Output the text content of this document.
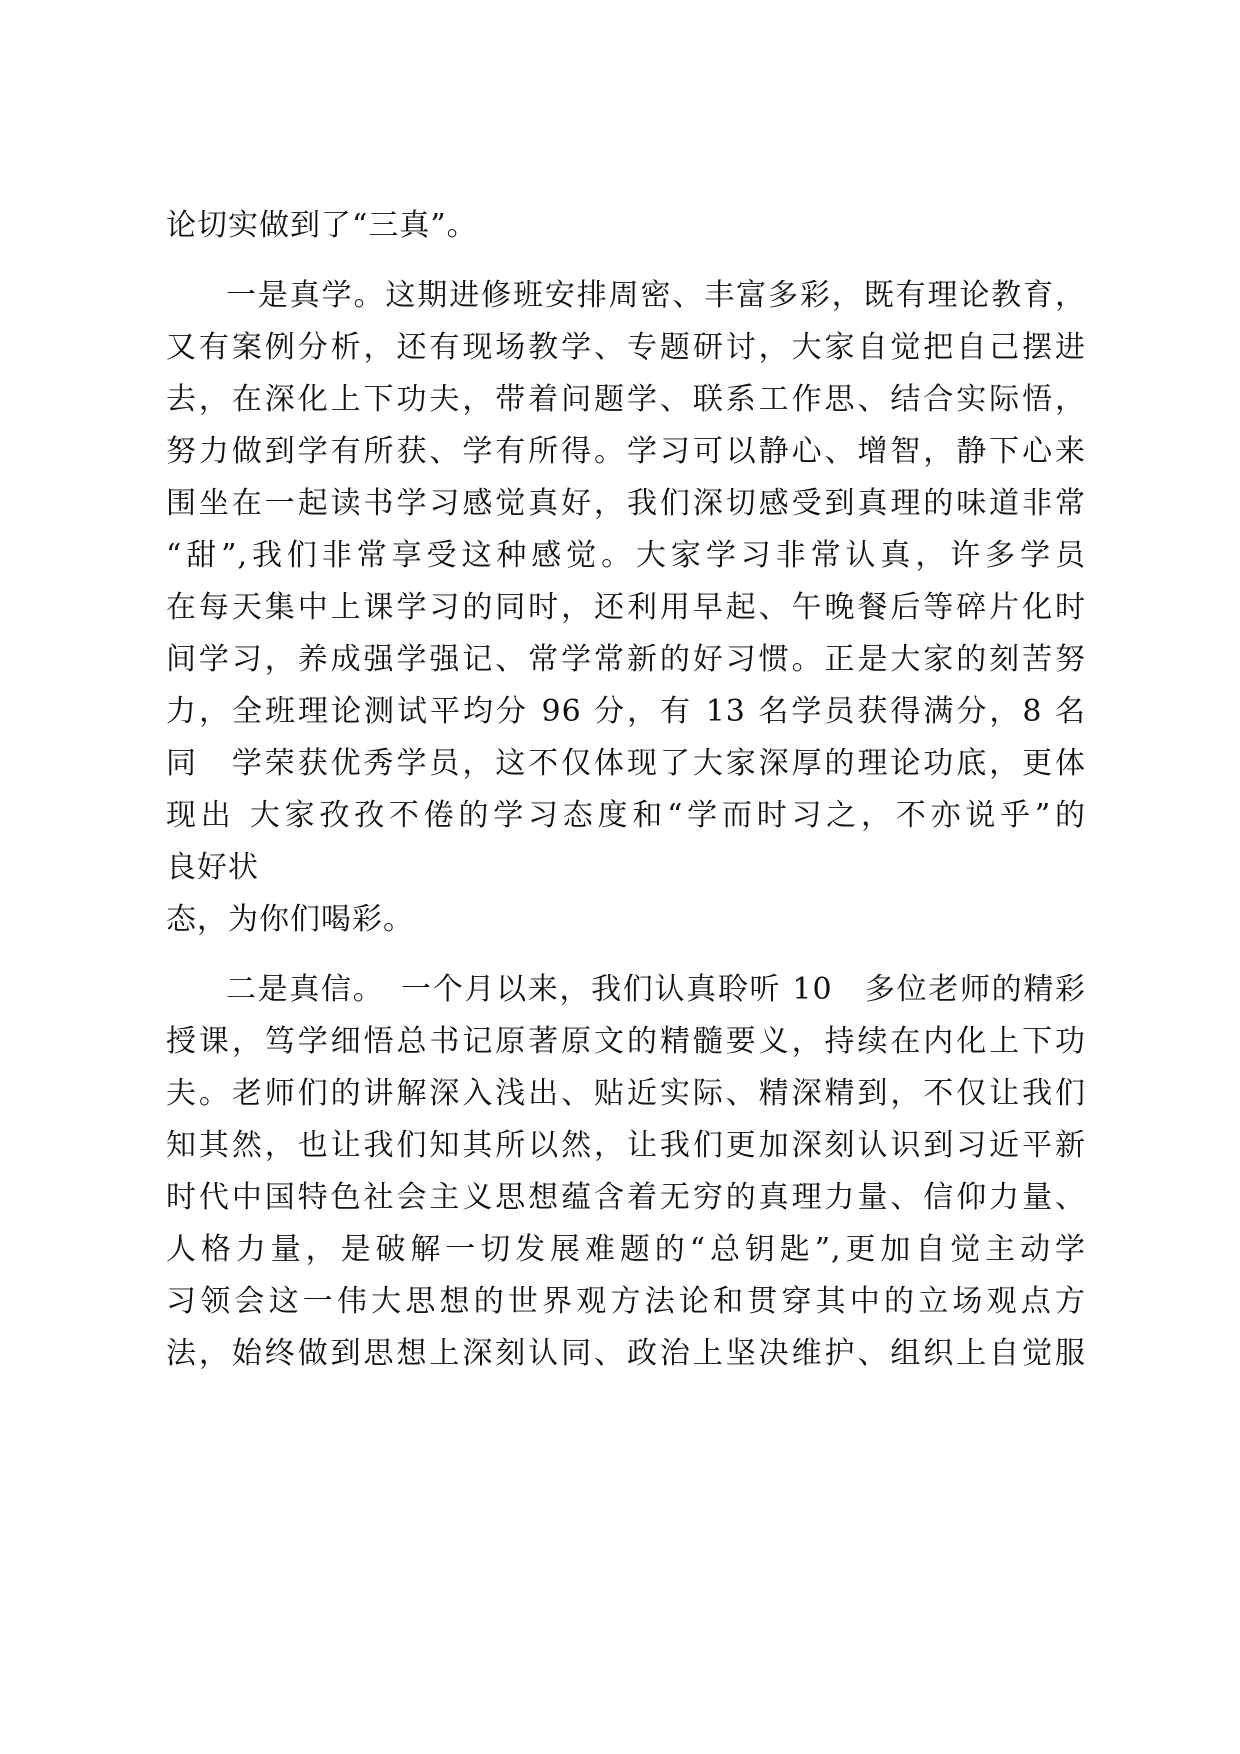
论切实做到了“三真”。
一是真学。这期进修班安排周密、丰富多彩，既有理论教育，
又有案例分析，还有现场教学、专题研讨，大家自觉把自己摆进
去，在深化上下功夫，带着问题学、联系工作思、结合实际悟，
努力做到学有所获、学有所得。学习可以静心、增智，静下心来
围坐在一起读书学习感觉真好，我们深切感受到真理的味道非常
“甜”,我们非常享受这种感觉。大家学习非常认真，许多学员
在每天集中上课学习的同时，还利用早起、午晚餐后等碎片化时
间学习，养成强学强记、常学常新的好习惯。正是大家的刻苦努
力，全班理论测试平均分 96 分，有 13 名学员获得满分，8 名
同　学荣获优秀学员，这不仅体现了大家深厚的理论功底，更体
现出 大家孜孜不倦的学习态度和“学而时习之，不亦说乎”的
良好状
态，为你们喝彩。
二是真信。　一个月以来，我们认真聆听 10　多位老师的精彩
授课，笃学细悟总书记原著原文的精髓要义，持续在内化上下功
夫。老师们的讲解深入浅出、贴近实际、精深精到，不仅让我们
知其然，也让我们知其所以然，让我们更加深刻认识到习近平新
时代中国特色社会主义思想蕴含着无穷的真理力量、信仰力量、
人格力量，是破解一切发展难题的“总钥匙”,更加自觉主动学
习领会这一伟大思想的世界观方法论和贯穿其中的立场观点方
法，始终做到思想上深刻认同、政治上坚决维护、组织上自觉服
